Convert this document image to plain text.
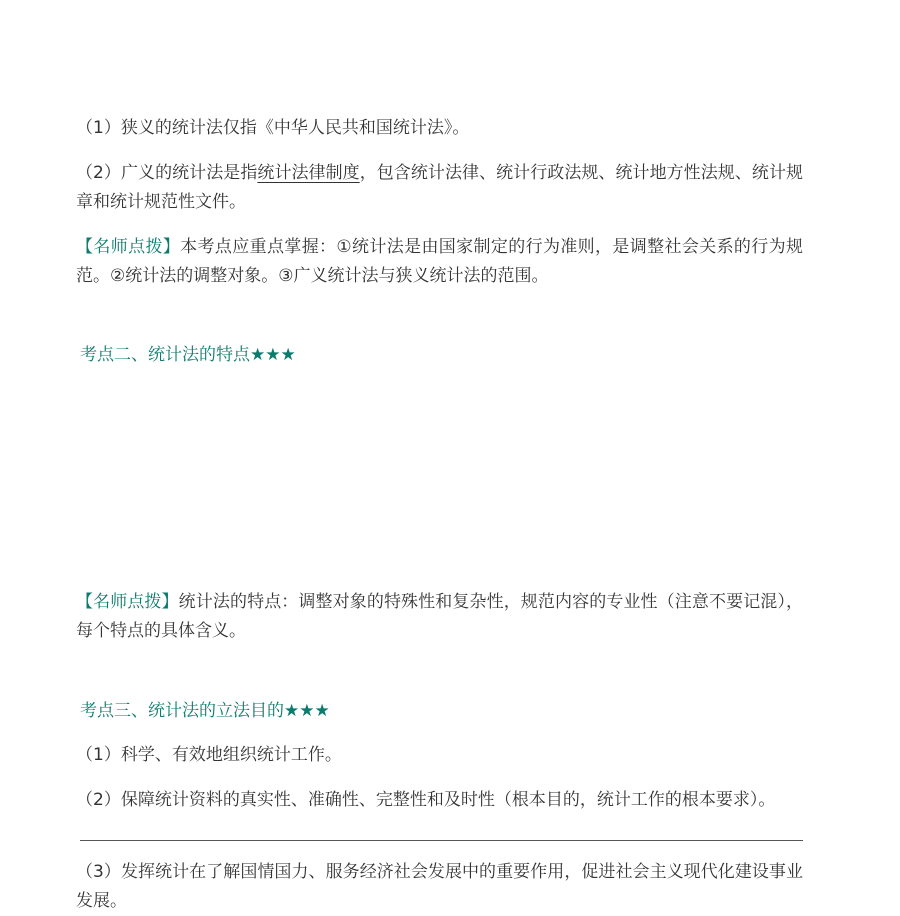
（1）狭义的统计法仅指《中华人民共和国统计法》。

（2）广义的统计法是指统计法律制度，包含统计法律、统计行政法规、统计地方性法规、统计规章和统计规范性文件。

【名师点拨】本考点应重点掌握：①统计法是由国家制定的行为准则，是调整社会关系的行为规范。②统计法的调整对象。③广义统计法与狭义统计法的范围。

考点二、统计法的特点★★★

【名师点拨】统计法的特点：调整对象的特殊性和复杂性，规范内容的专业性（注意不要记混），每个特点的具体含义。

考点三、统计法的立法目的★★★

（1）科学、有效地组织统计工作。

（2）保障统计资料的真实性、准确性、完整性和及时性（根本目的，统计工作的根本要求）。

（3）发挥统计在了解国情国力、服务经济社会发展中的重要作用，促进社会主义现代化建设事业发展。
